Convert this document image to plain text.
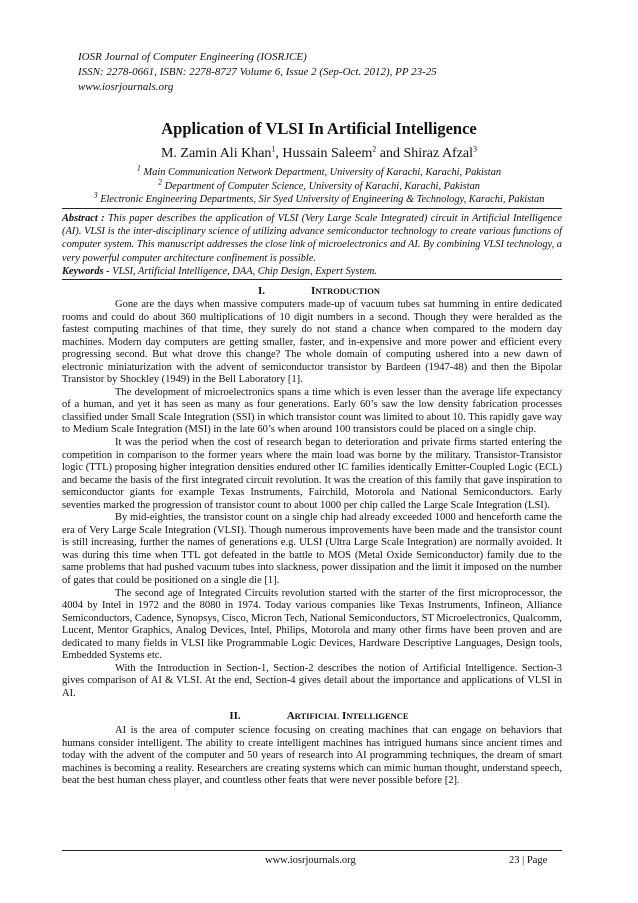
IOSR Journal of Computer Engineering (IOSRJCE)
ISSN: 2278-0661, ISBN: 2278-8727 Volume 6, Issue 2 (Sep-Oct. 2012), PP 23-25
www.iosrjournals.org
Application of VLSI In Artificial Intelligence
M. Zamin Ali Khan$^1$, Hussain Saleem$^2$ and Shiraz Afzal$^3$
$^1$ Main Communication Network Department, University of Karachi, Karachi, Pakistan
$^2$ Department of Computer Science, University of Karachi, Karachi, Pakistan
$^3$ Electronic Engineering Departments, Sir Syed University of Engineering & Technology, Karachi, Pakistan
Abstract : This paper describes the application of VLSI (Very Large Scale Integrated) circuit in Artificial Intelligence (AI). VLSI is the inter-disciplinary science of utilizing advance semiconductor technology to create various functions of computer system. This manuscript addresses the close link of microelectronics and AI. By combining VLSI technology, a very powerful computer architecture confinement is possible.
Keywords - VLSI, Artificial Intelligence, DAA, Chip Design, Expert System.
I.	INTRODUCTION

Gone are the days when massive computers made-up of vacuum tubes sat humming in entire dedicated rooms and could do about 360 multiplications of 10 digit numbers in a second. Though they were heralded as the fastest computing machines of that time, they surely do not stand a chance when compared to the modern day machines. Modern day computers are getting smaller, faster, and in-expensive and more power and efficient every progressing second. But what drove this change? The whole domain of computing ushered into a new dawn of electronic miniaturization with the advent of semiconductor transistor by Bardeen (1947-48) and then the Bipolar Transistor by Shockley (1949) in the Bell Laboratory [1].

The development of microelectronics spans a time which is even lesser than the average life expectancy of a human, and yet it has seen as many as four generations. Early 60’s saw the low density fabrication processes classified under Small Scale Integration (SSI) in which transistor count was limited to about 10. This rapidly gave way to Medium Scale Integration (MSI) in the late 60’s when around 100 transistors could be placed on a single chip.

It was the period when the cost of research began to deterioration and private firms started entering the competition in comparison to the former years where the main load was borne by the military. Transistor-Transistor logic (TTL) proposing higher integration densities endured other IC families identically Emitter-Coupled Logic (ECL) and became the basis of the first integrated circuit revolution. It was the creation of this family that gave inspiration to semiconductor giants for example Texas Instruments, Fairchild, Motorola and National Semiconductors. Early seventies marked the progression of transistor count to about 1000 per chip called the Large Scale Integration (LSI).

By mid-eighties, the transistor count on a single chip had already exceeded 1000 and henceforth came the era of Very Large Scale Integration (VLSI). Though numerous improvements have been made and the transistor count is still increasing, further the names of generations e.g. ULSI (Ultra Large Scale Integration) are normally avoided. It was during this time when TTL got defeated in the battle to MOS (Metal Oxide Semiconductor) family due to the same problems that had pushed vacuum tubes into slackness, power dissipation and the limit it imposed on the number of gates that could be positioned on a single die [1].

The second age of Integrated Circuits revolution started with the starter of the first microprocessor, the 4004 by Intel in 1972 and the 8080 in 1974. Today various companies like Texas Instruments, Infineon, Alliance Semiconductors, Cadence, Synopsys, Cisco, Micron Tech, National Semiconductors, ST Microelectronics, Qualcomm, Lucent, Mentor Graphics, Analog Devices, Intel, Philips, Motorola and many other firms have been proven and are dedicated to many fields in VLSI like Programmable Logic Devices, Hardware Descriptive Languages, Design tools, Embedded Systems etc.

With the Introduction in Section-1, Section-2 describes the notion of Artificial Intelligence. Section-3 gives comparison of AI & VLSI. At the end, Section-4 gives detail about the importance and applications of VLSI in AI.

II.	ARTIFICIAL INTELLIGENCE

AI is the area of computer science focusing on creating machines that can engage on behaviors that humans consider intelligent. The ability to create intelligent machines has intrigued humans since ancient times and today with the advent of the computer and 50 years of research into AI programming techniques, the dream of smart machines is becoming a reality. Researchers are creating systems which can mimic human thought, understand speech, beat the best human chess player, and countless other feats that were never possible before [2].

www.iosrjournals.org	23 | Page
